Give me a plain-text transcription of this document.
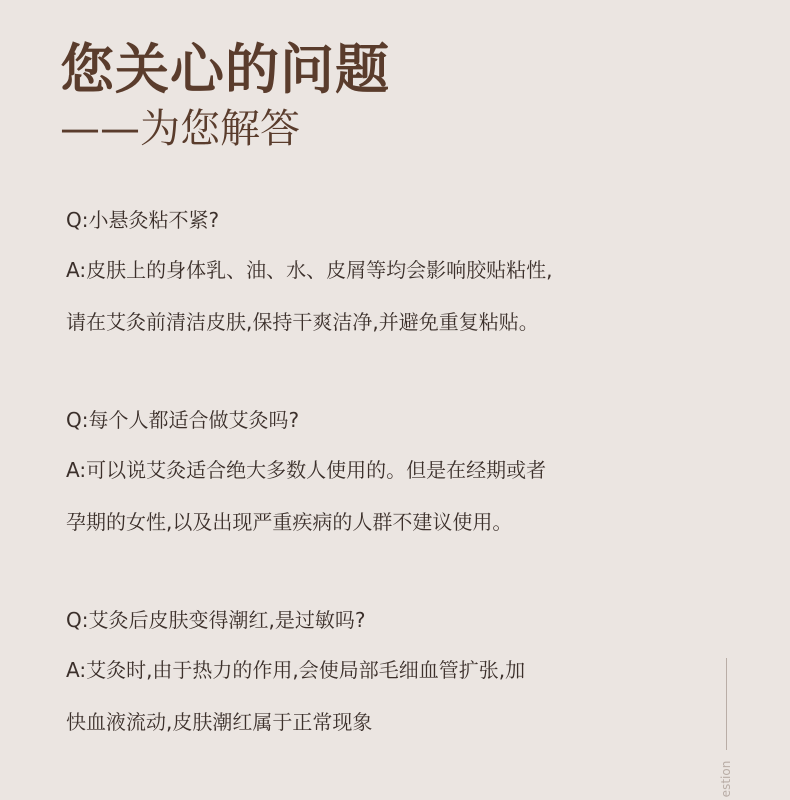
您关心的问题
——为您解答

Q:小悬灸粘不紧?

A:皮肤上的身体乳、油、水、皮屑等均会影响胶贴粘性,

请在艾灸前清洁皮肤,保持干爽洁净,并避免重复粘贴。

Q:每个人都适合做艾灸吗?

A:可以说艾灸适合绝大多数人使用的。但是在经期或者

孕期的女性,以及出现严重疾病的人群不建议使用。

Q:艾灸后皮肤变得潮红,是过敏吗?

A:艾灸时,由于热力的作用,会使局部毛细血管扩张,加

快血液流动,皮肤潮红属于正常现象

estion
